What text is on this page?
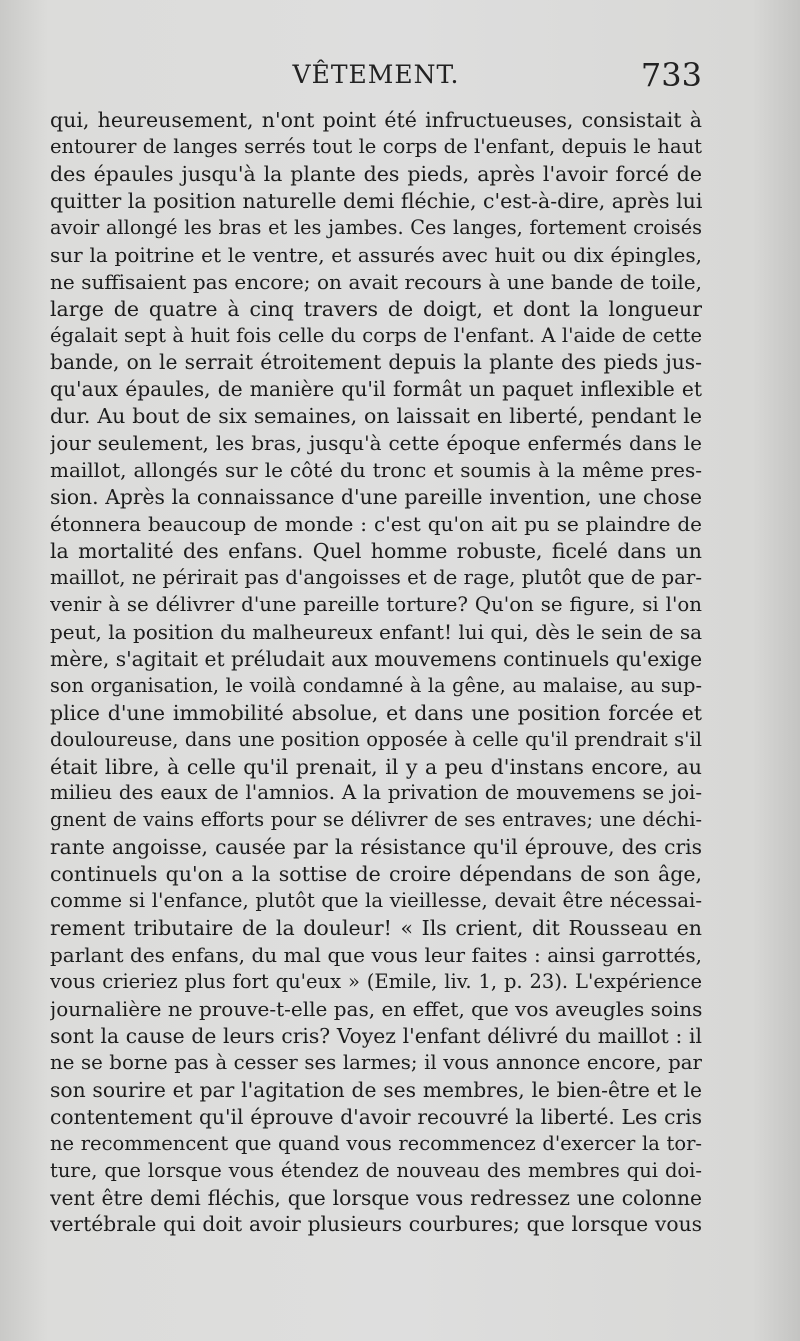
VÊTEMENT.	733
qui, heureusement, n'ont point été infructueuses, consistait à
entourer de langes serrés tout le corps de l'enfant, depuis le haut
des épaules jusqu'à la plante des pieds, après l'avoir forcé de
quitter la position naturelle demi fléchie, c'est-à-dire, après lui
avoir allongé les bras et les jambes. Ces langes, fortement croisés
sur la poitrine et le ventre, et assurés avec huit ou dix épingles,
ne suffisaient pas encore; on avait recours à une bande de toile,
large de quatre à cinq travers de doigt, et dont la longueur
égalait sept à huit fois celle du corps de l'enfant. A l'aide de cette
bande, on le serrait étroitement depuis la plante des pieds jus-
qu'aux épaules, de manière qu'il formât un paquet inflexible et
dur. Au bout de six semaines, on laissait en liberté, pendant le
jour seulement, les bras, jusqu'à cette époque enfermés dans le
maillot, allongés sur le côté du tronc et soumis à la même pres-
sion. Après la connaissance d'une pareille invention, une chose
étonnera beaucoup de monde : c'est qu'on ait pu se plaindre de
la mortalité des enfans. Quel homme robuste, ficelé dans un
maillot, ne périrait pas d'angoisses et de rage, plutôt que de par-
venir à se délivrer d'une pareille torture? Qu'on se figure, si l'on
peut, la position du malheureux enfant! lui qui, dès le sein de sa
mère, s'agitait et préludait aux mouvemens continuels qu'exige
son organisation, le voilà condamné à la gêne, au malaise, au sup-
plice d'une immobilité absolue, et dans une position forcée et
douloureuse, dans une position opposée à celle qu'il prendrait s'il
était libre, à celle qu'il prenait, il y a peu d'instans encore, au
milieu des eaux de l'amnios. A la privation de mouvemens se joi-
gnent de vains efforts pour se délivrer de ses entraves; une déchi-
rante angoisse, causée par la résistance qu'il éprouve, des cris
continuels qu'on a la sottise de croire dépendans de son âge,
comme si l'enfance, plutôt que la vieillesse, devait être nécessai-
rement tributaire de la douleur! « Ils crient, dit Rousseau en
parlant des enfans, du mal que vous leur faites : ainsi garrottés,
vous crieriez plus fort qu'eux » (Emile, liv. 1, p. 23). L'expérience
journalière ne prouve-t-elle pas, en effet, que vos aveugles soins
sont la cause de leurs cris? Voyez l'enfant délivré du maillot : il
ne se borne pas à cesser ses larmes; il vous annonce encore, par
son sourire et par l'agitation de ses membres, le bien-être et le
contentement qu'il éprouve d'avoir recouvré la liberté. Les cris
ne recommencent que quand vous recommencez d'exercer la tor-
ture, que lorsque vous étendez de nouveau des membres qui doi-
vent être demi fléchis, que lorsque vous redressez une colonne
vertébrale qui doit avoir plusieurs courbures; que lorsque vous
